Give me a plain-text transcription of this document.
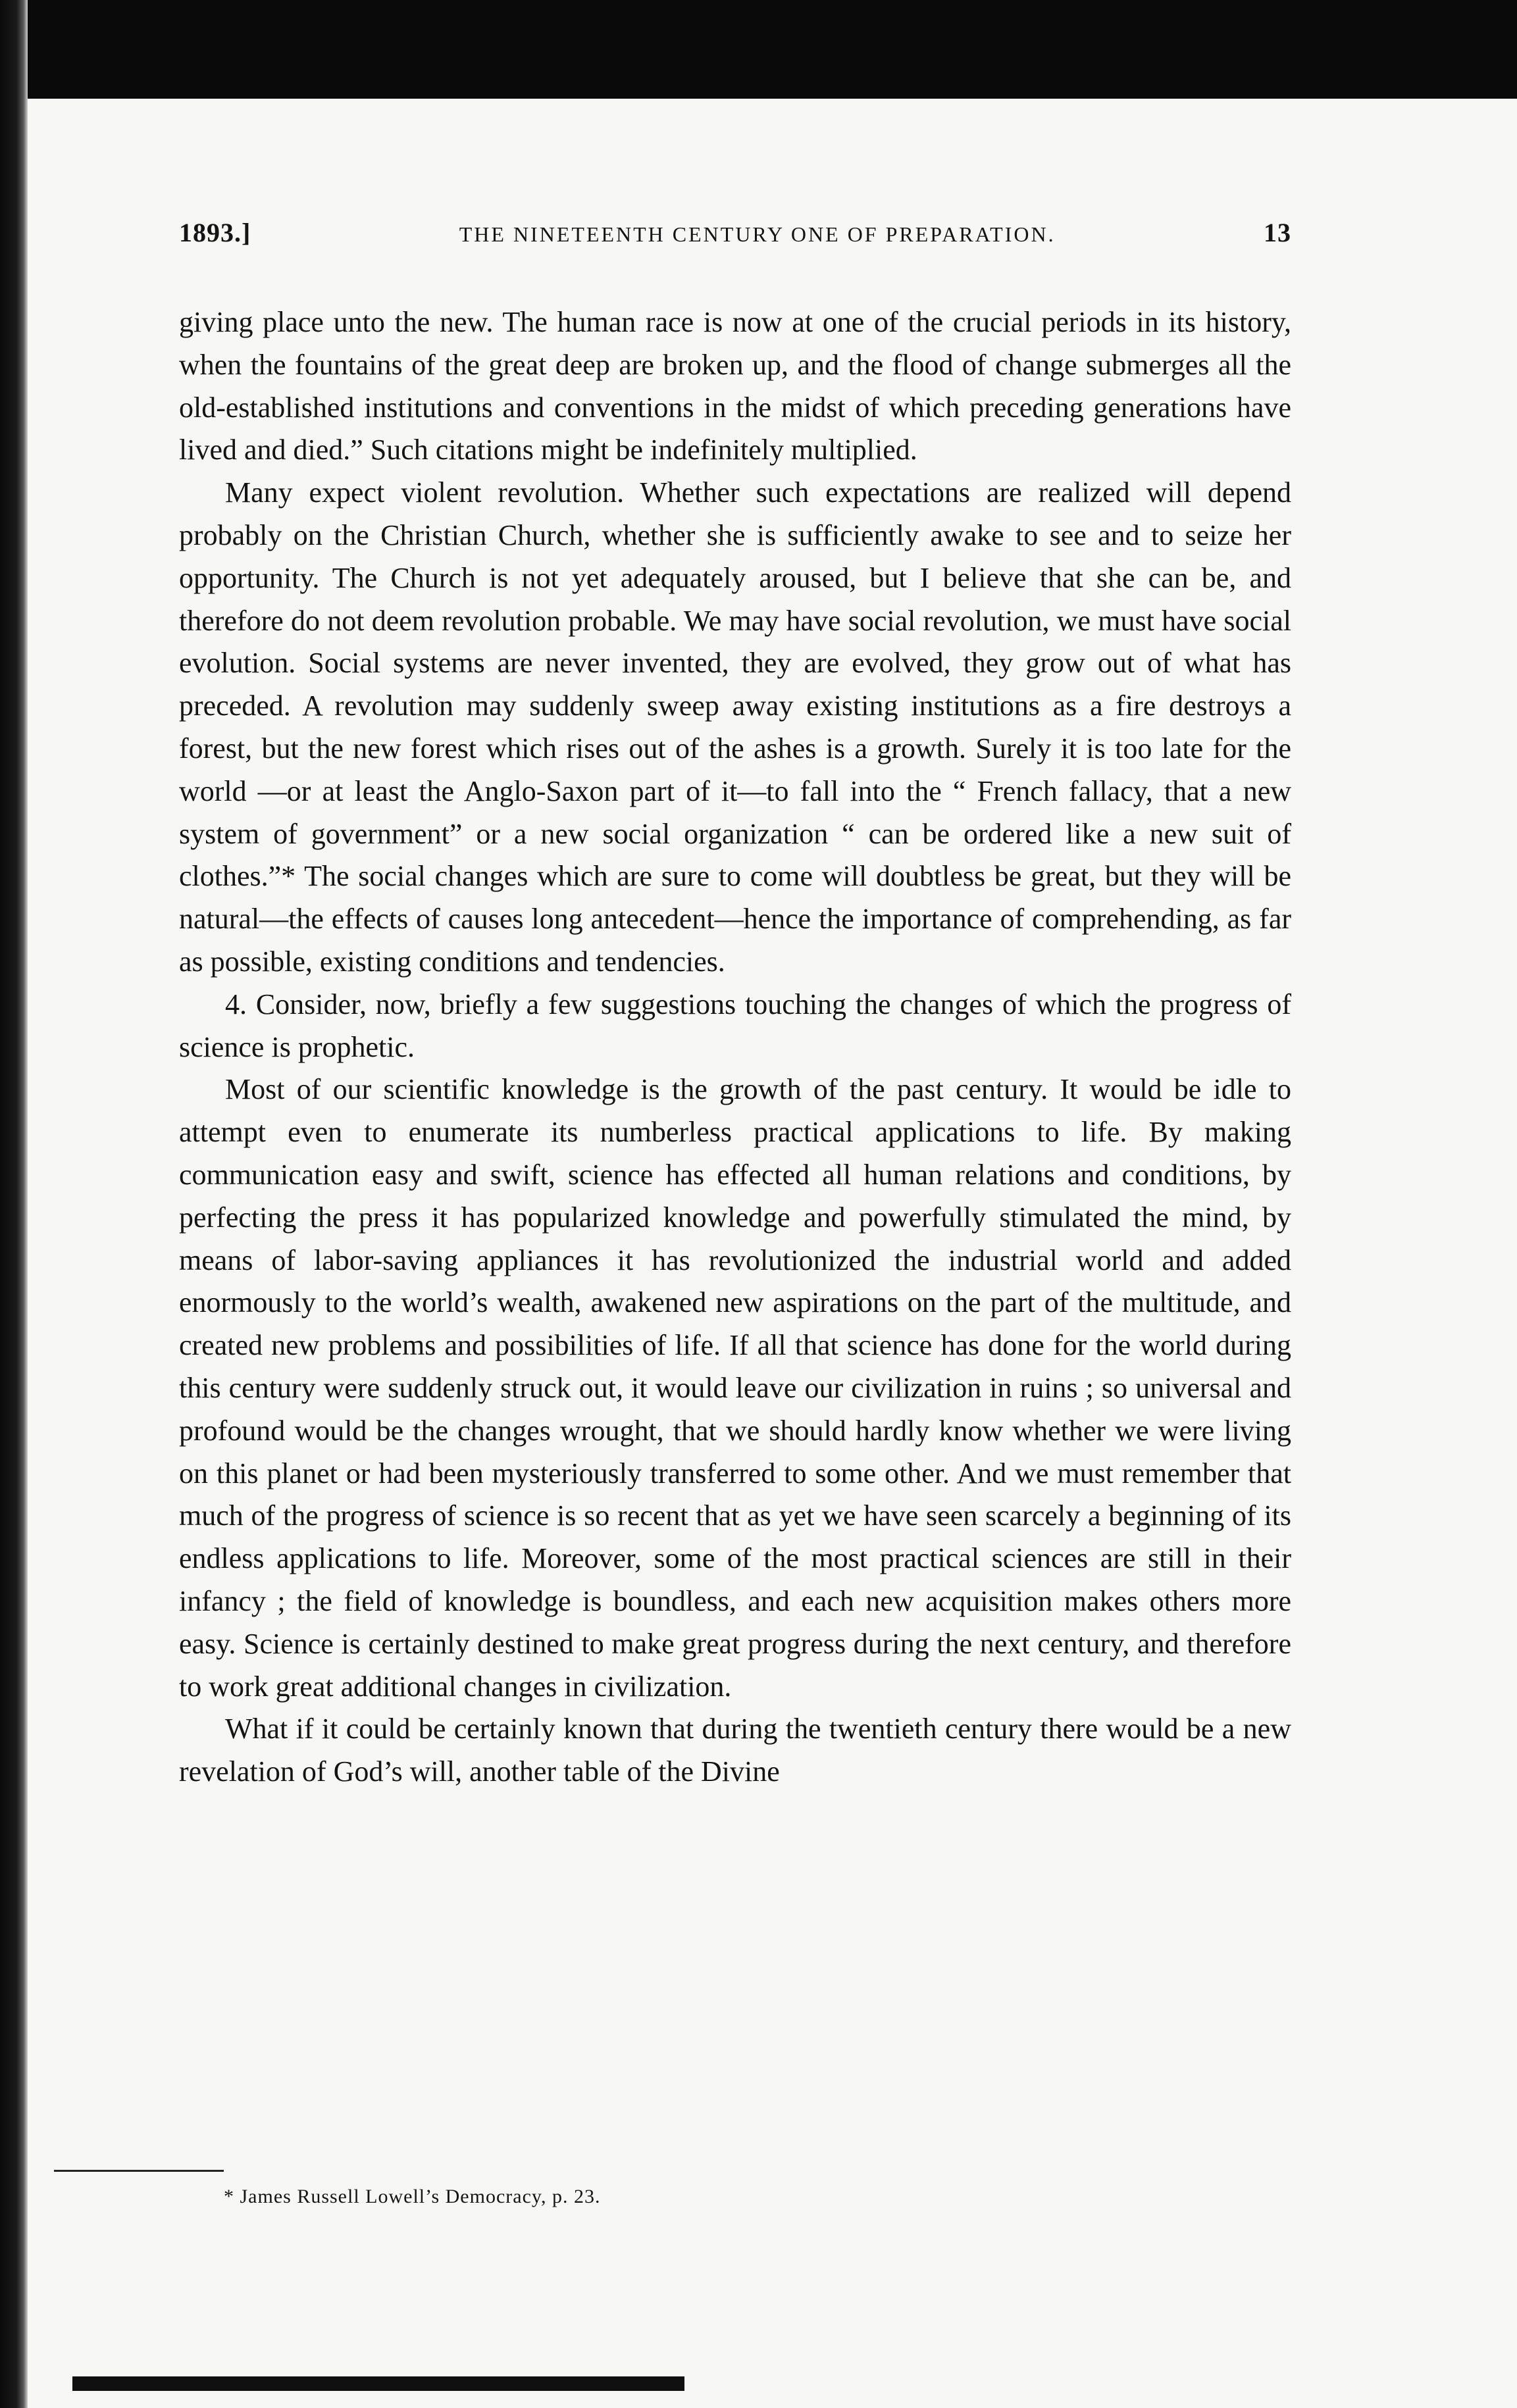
1893.]	THE NINETEENTH CENTURY ONE OF PREPARATION.	13

giving place unto the new. The human race is now at one of the crucial periods in its history, when the fountains of the great deep are broken up, and the flood of change submerges all the old-established institutions and conventions in the midst of which preceding generations have lived and died.” Such citations might be indefinitely multiplied.

Many expect violent revolution. Whether such expectations are realized will depend probably on the Christian Church, whether she is sufficiently awake to see and to seize her opportunity. The Church is not yet adequately aroused, but I believe that she can be, and therefore do not deem revolution probable. We may have social revolution, we must have social evolution. Social systems are never invented, they are evolved, they grow out of what has preceded. A revolution may suddenly sweep away existing institutions as a fire destroys a forest, but the new forest which rises out of the ashes is a growth. Surely it is too late for the world —or at least the Anglo-Saxon part of it—to fall into the “ French fallacy, that a new system of government” or a new social organization “ can be ordered like a new suit of clothes.”* The social changes which are sure to come will doubtless be great, but they will be natural—the effects of causes long antecedent—hence the importance of comprehending, as far as possible, existing conditions and tendencies.

4. Consider, now, briefly a few suggestions touching the changes of which the progress of science is prophetic.

Most of our scientific knowledge is the growth of the past century. It would be idle to attempt even to enumerate its numberless practical applications to life. By making communication easy and swift, science has effected all human relations and conditions, by perfecting the press it has popularized knowledge and powerfully stimulated the mind, by means of labor-saving appliances it has revolutionized the industrial world and added enormously to the world’s wealth, awakened new aspirations on the part of the multitude, and created new problems and possibilities of life. If all that science has done for the world during this century were suddenly struck out, it would leave our civilization in ruins ; so universal and profound would be the changes wrought, that we should hardly know whether we were living on this planet or had been mysteriously transferred to some other. And we must remember that much of the progress of science is so recent that as yet we have seen scarcely a beginning of its endless applications to life. Moreover, some of the most practical sciences are still in their infancy ; the field of knowledge is boundless, and each new acquisition makes others more easy. Science is certainly destined to make great progress during the next century, and therefore to work great additional changes in civilization.

What if it could be certainly known that during the twentieth century there would be a new revelation of God’s will, another table of the Divine

* James Russell Lowell’s Democracy, p. 23.
